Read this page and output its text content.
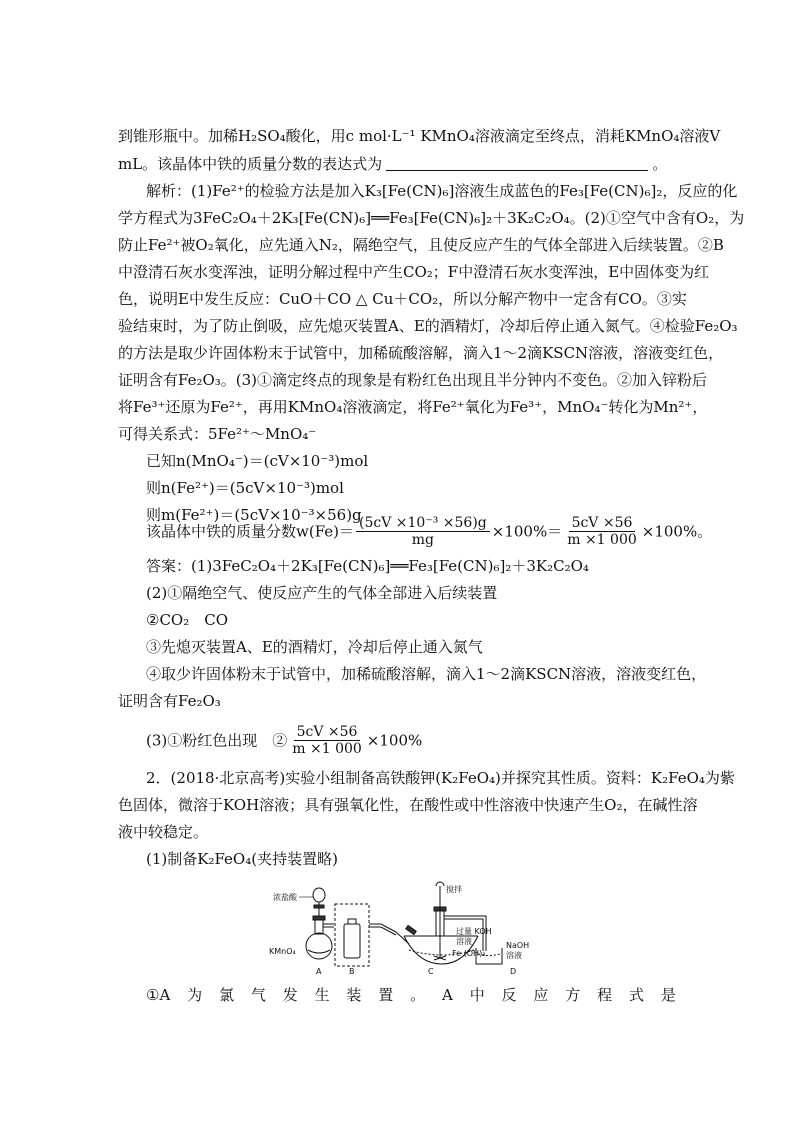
到锥形瓶中。加稀H₂SO₄酸化，用c mol·L⁻¹ KMnO₄溶液滴定至终点，消耗KMnO₄溶液V
mL。该晶体中铁的质量分数的表达式为	。
解析：(1)Fe²⁺的检验方法是加入K₃[Fe(CN)₆]溶液生成蓝色的Fe₃[Fe(CN)₆]₂，反应的化
学方程式为3FeC₂O₄＋2K₃[Fe(CN)₆]══Fe₃[Fe(CN)₆]₂＋3K₂C₂O₄。(2)①空气中含有O₂，为
防止Fe²⁺被O₂氧化，应先通入N₂，隔绝空气，且使反应产生的气体全部进入后续装置。②B
中澄清石灰水变浑浊，证明分解过程中产生CO₂；F中澄清石灰水变浑浊，E中固体变为红
色，说明E中发生反应：CuO＋CO △ Cu＋CO₂，所以分解产物中一定含有CO。③实
验结束时，为了防止倒吸，应先熄灭装置A、E的酒精灯，冷却后停止通入氮气。④检验Fe₂O₃
的方法是取少许固体粉末于试管中，加稀硫酸溶解，滴入1～2滴KSCN溶液，溶液变红色，
证明含有Fe₂O₃。(3)①滴定终点的现象是有粉红色出现且半分钟内不变色。②加入锌粉后
将Fe³⁺还原为Fe²⁺，再用KMnO₄溶液滴定，将Fe²⁺氧化为Fe³⁺，MnO₄⁻转化为Mn²⁺，
可得关系式：5Fe²⁺～MnO₄⁻
已知n(MnO₄⁻)＝(cV×10⁻³)mol
则n(Fe²⁺)＝(5cV×10⁻³)mol
则m(Fe²⁺)＝(5cV×10⁻³×56)g
该晶体中铁的质量分数$w(Fe)= \frac{\text{(5cV ×10⁻³ ×56)g}}{mg} \times 100\%= \frac{5cV \times 56}{m \times 1 000} \times 100\%$。
答案：(1)3FeC₂O₄＋2K₃[Fe(CN)₆]══Fe₃[Fe(CN)₆]₂＋3K₂C₂O₄
(2)①隔绝空气、使反应产生的气体全部进入后续装置
②CO₂　CO
③先熄灭装置A、E的酒精灯，冷却后停止通入氮气
④取少许固体粉末于试管中，加稀硫酸溶解，滴入1～2滴KSCN溶液，溶液变红色，
证明含有Fe₂O₃
(3)①粉红色出现　② $\frac{5cV \times 56}{m \times 1 000} \times 100\%$
2．(2018·北京高考)实验小组制备高铁酸钾(K₂FeO₄)并探究其性质。资料：K₂FeO₄为紫
色固体，微溶于KOH溶液；具有强氧化性，在酸性或中性溶液中快速产生O₂，在碱性溶
液中较稳定。
(1)制备K₂FeO₄(夹持装置略)
浓盐酸
KMnO₄
搅拌
过量 KOH
溶液
Fe (OH)₃
NaOH
溶液
A	B	C	D
①A 为 氯 气 发 生 装 置 。 A 中 反 应 方 程 式 是
